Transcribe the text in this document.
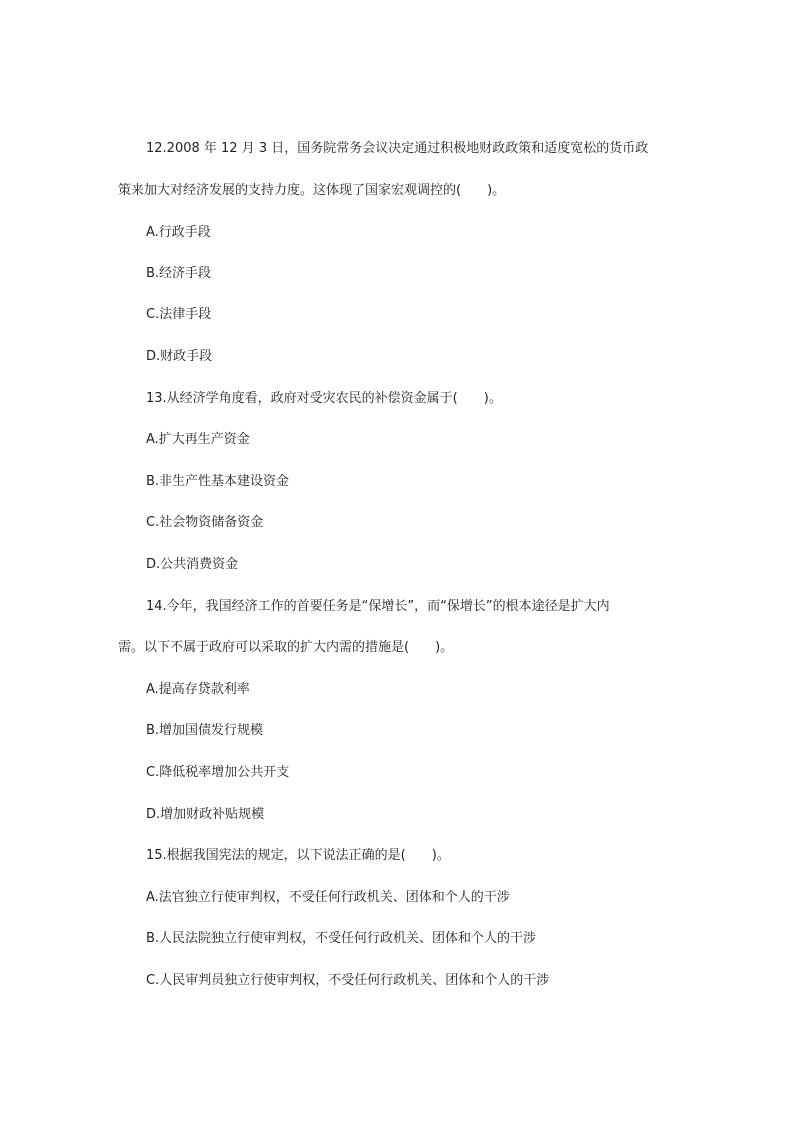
12.2008 年 12 月 3 日，国务院常务会议决定通过积极地财政政策和适度宽松的货币政
策来加大对经济发展的支持力度。这体现了国家宏观调控的(　　)。
A.行政手段
B.经济手段
C.法律手段
D.财政手段
13.从经济学角度看，政府对受灾农民的补偿资金属于(　　)。
A.扩大再生产资金
B.非生产性基本建设资金
C.社会物资储备资金
D.公共消费资金
14.今年，我国经济工作的首要任务是“保增长”，而“保增长”的根本途径是扩大内
需。以下不属于政府可以采取的扩大内需的措施是(　　)。
A.提高存贷款利率
B.增加国债发行规模
C.降低税率增加公共开支
D.增加财政补贴规模
15.根据我国宪法的规定，以下说法正确的是(　　)。
A.法官独立行使审判权，不受任何行政机关、团体和个人的干涉
B.人民法院独立行使审判权，不受任何行政机关、团体和个人的干涉
C.人民审判员独立行使审判权，不受任何行政机关、团体和个人的干涉
